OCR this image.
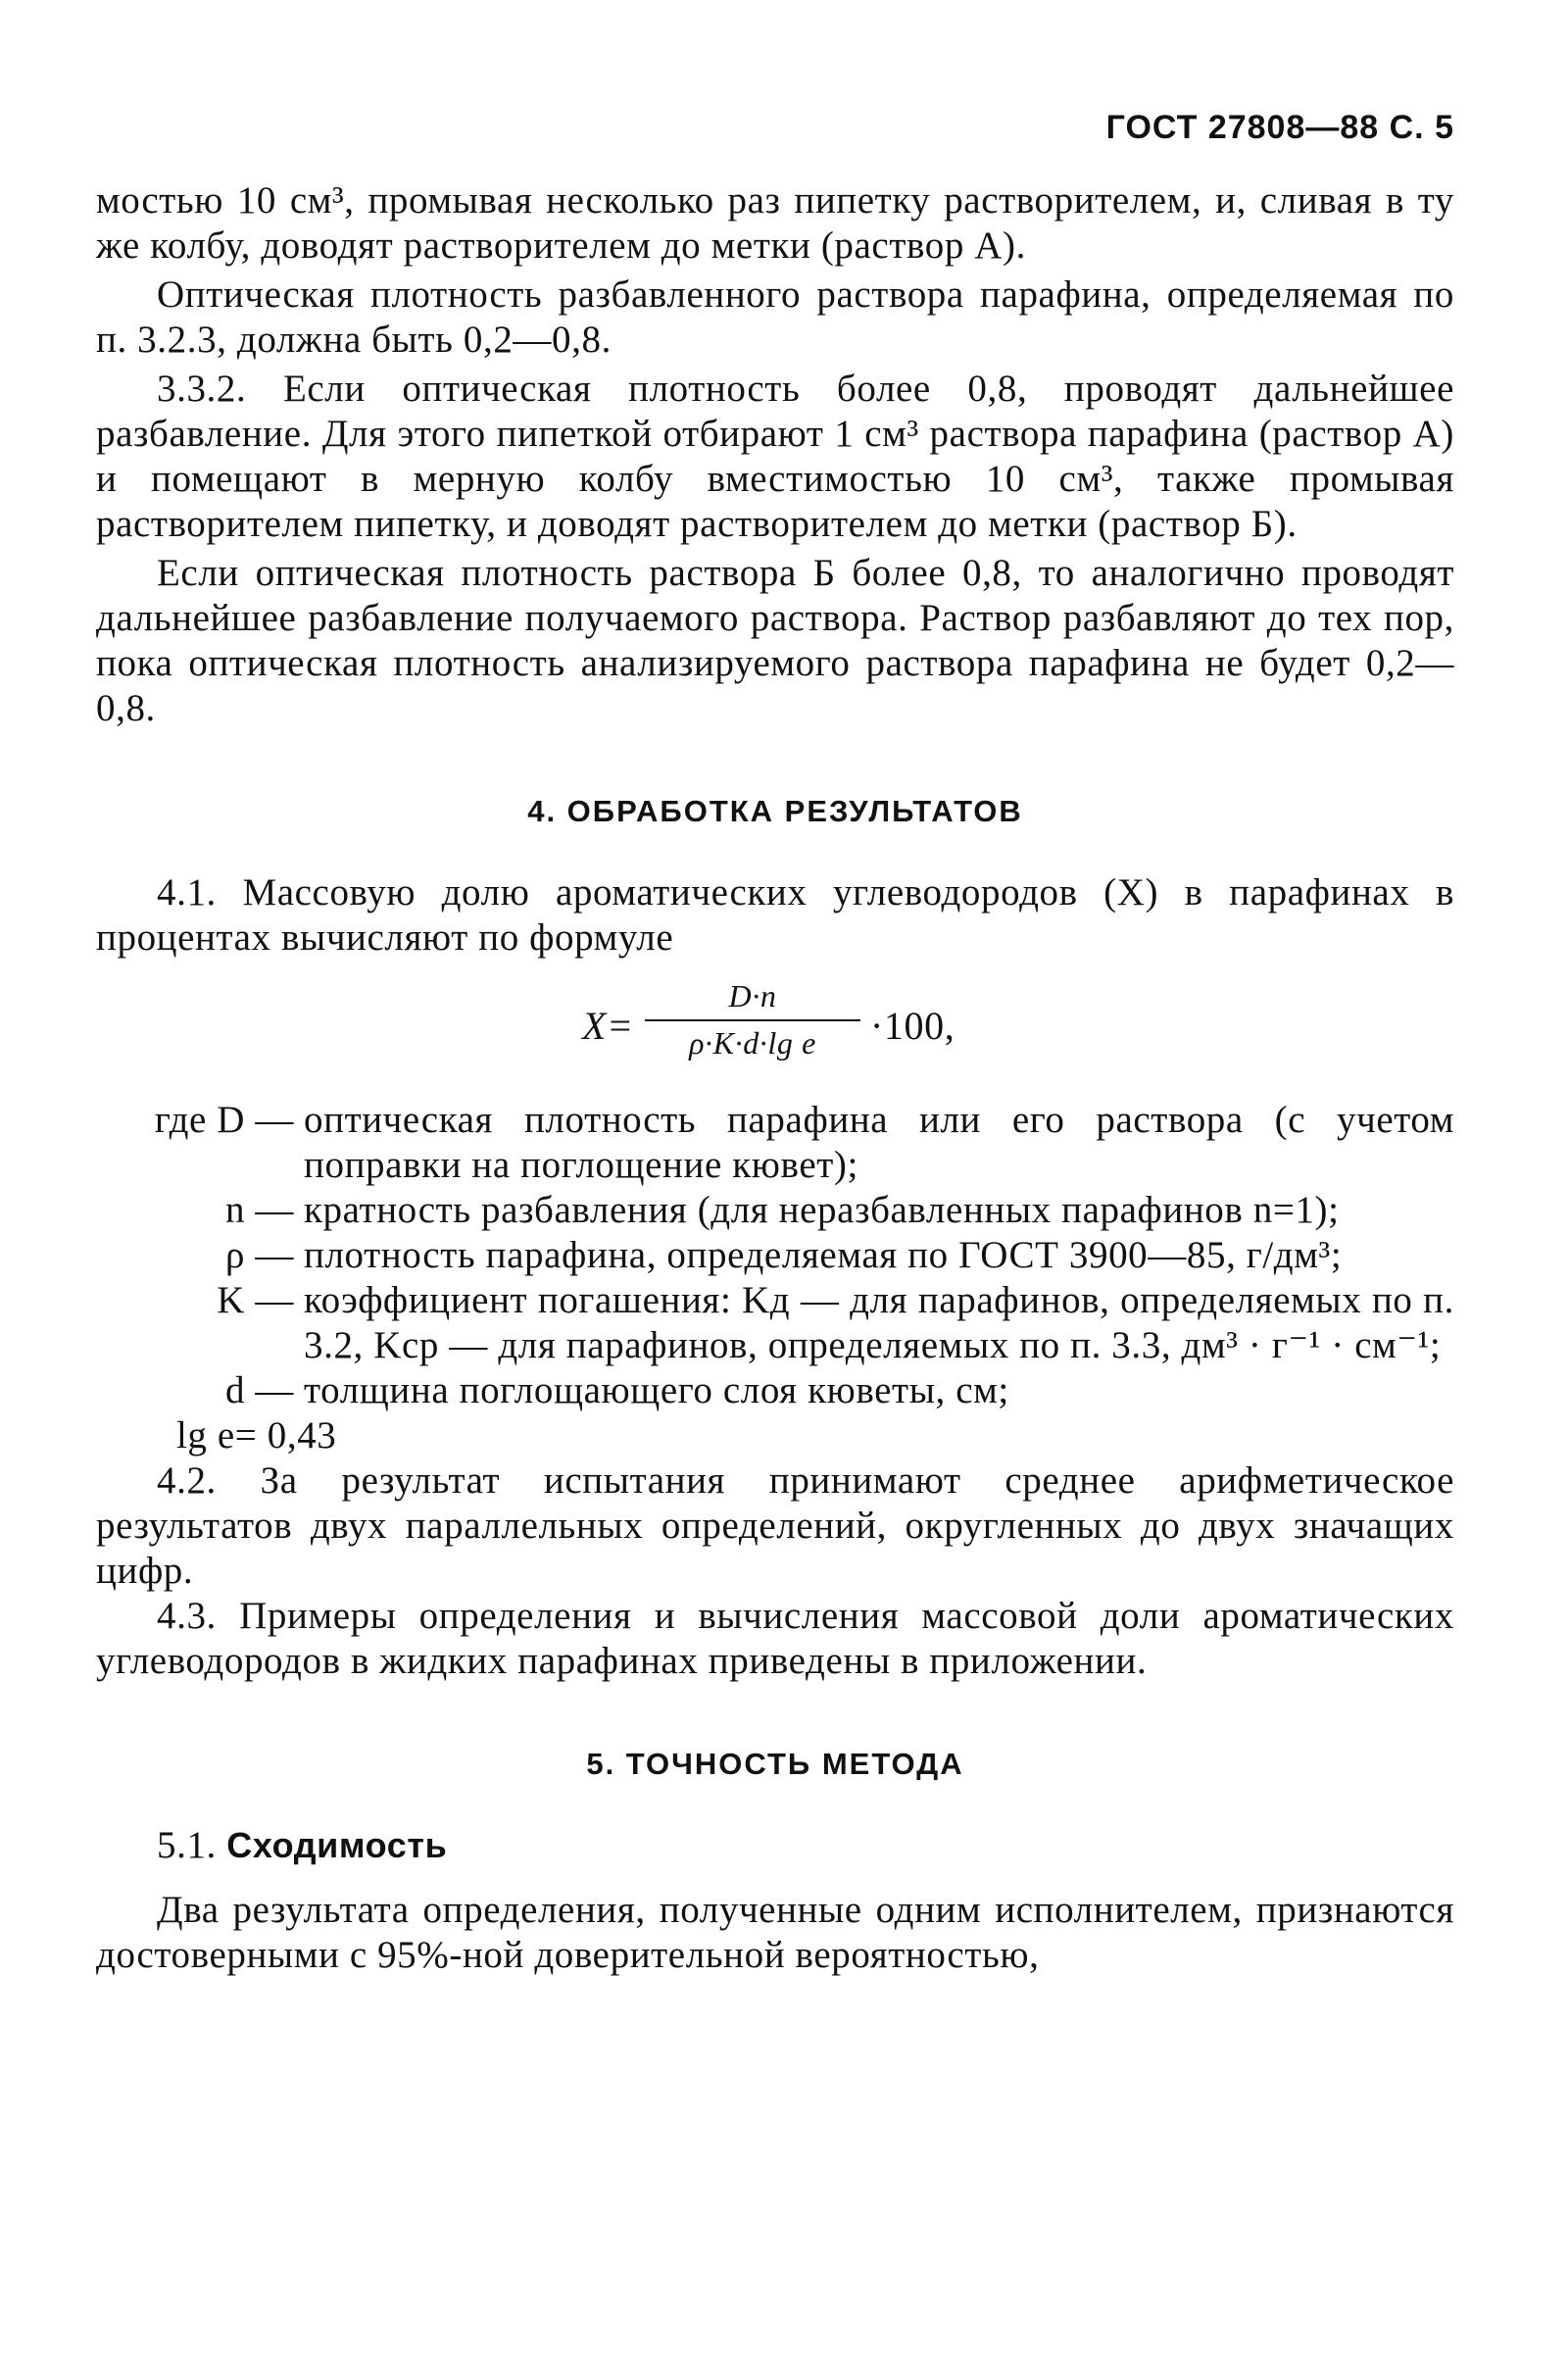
ГОСТ 27808—88 С. 5

мостью 10 см³, промывая несколько раз пипетку растворителем, и, сливая в ту же колбу, доводят растворителем до метки (раствор А).

Оптическая плотность разбавленного раствора парафина, определяемая по п. 3.2.3, должна быть 0,2—0,8.

3.3.2. Если оптическая плотность более 0,8, проводят дальнейшее разбавление. Для этого пипеткой отбирают 1 см³ раствора парафина (раствор А) и помещают в мерную колбу вместимостью 10 см³, также промывая растворителем пипетку, и доводят растворителем до метки (раствор Б).

Если оптическая плотность раствора Б более 0,8, то аналогично проводят дальнейшее разбавление получаемого раствора. Раствор разбавляют до тех пор, пока оптическая плотность анализируемого раствора парафина не будет 0,2—0,8.

4. ОБРАБОТКА РЕЗУЛЬТАТОВ

4.1. Массовую долю ароматических углеводородов (X) в парафинах в процентах вычисляют по формуле

X=
D·n
ρ·K·d·lg e	·100,
где D — оптическая плотность парафина или его раствора (с учетом поправки на поглощение кювет);
n — кратность разбавления (для неразбавленных парафинов n=1);
ρ — плотность парафина, определяемая по ГОСТ 3900—85, г/дм³;
K — коэффициент погашения: Kд — для парафинов, определяемых по п. 3.2, Kср — для парафинов, определяемых по п. 3.3, дм³ · г⁻¹ · см⁻¹;
d — толщина поглощающего слоя кюветы, см;
lg e= 0,43

4.2. За результат испытания принимают среднее арифметическое результатов двух параллельных определений, округленных до двух значащих цифр.

4.3. Примеры определения и вычисления массовой доли ароматических углеводородов в жидких парафинах приведены в приложении.

5. ТОЧНОСТЬ МЕТОДА
5.1. Сходимость

Два результата определения, полученные одним исполнителем, признаются достоверными с 95%-ной доверительной вероятностью,
